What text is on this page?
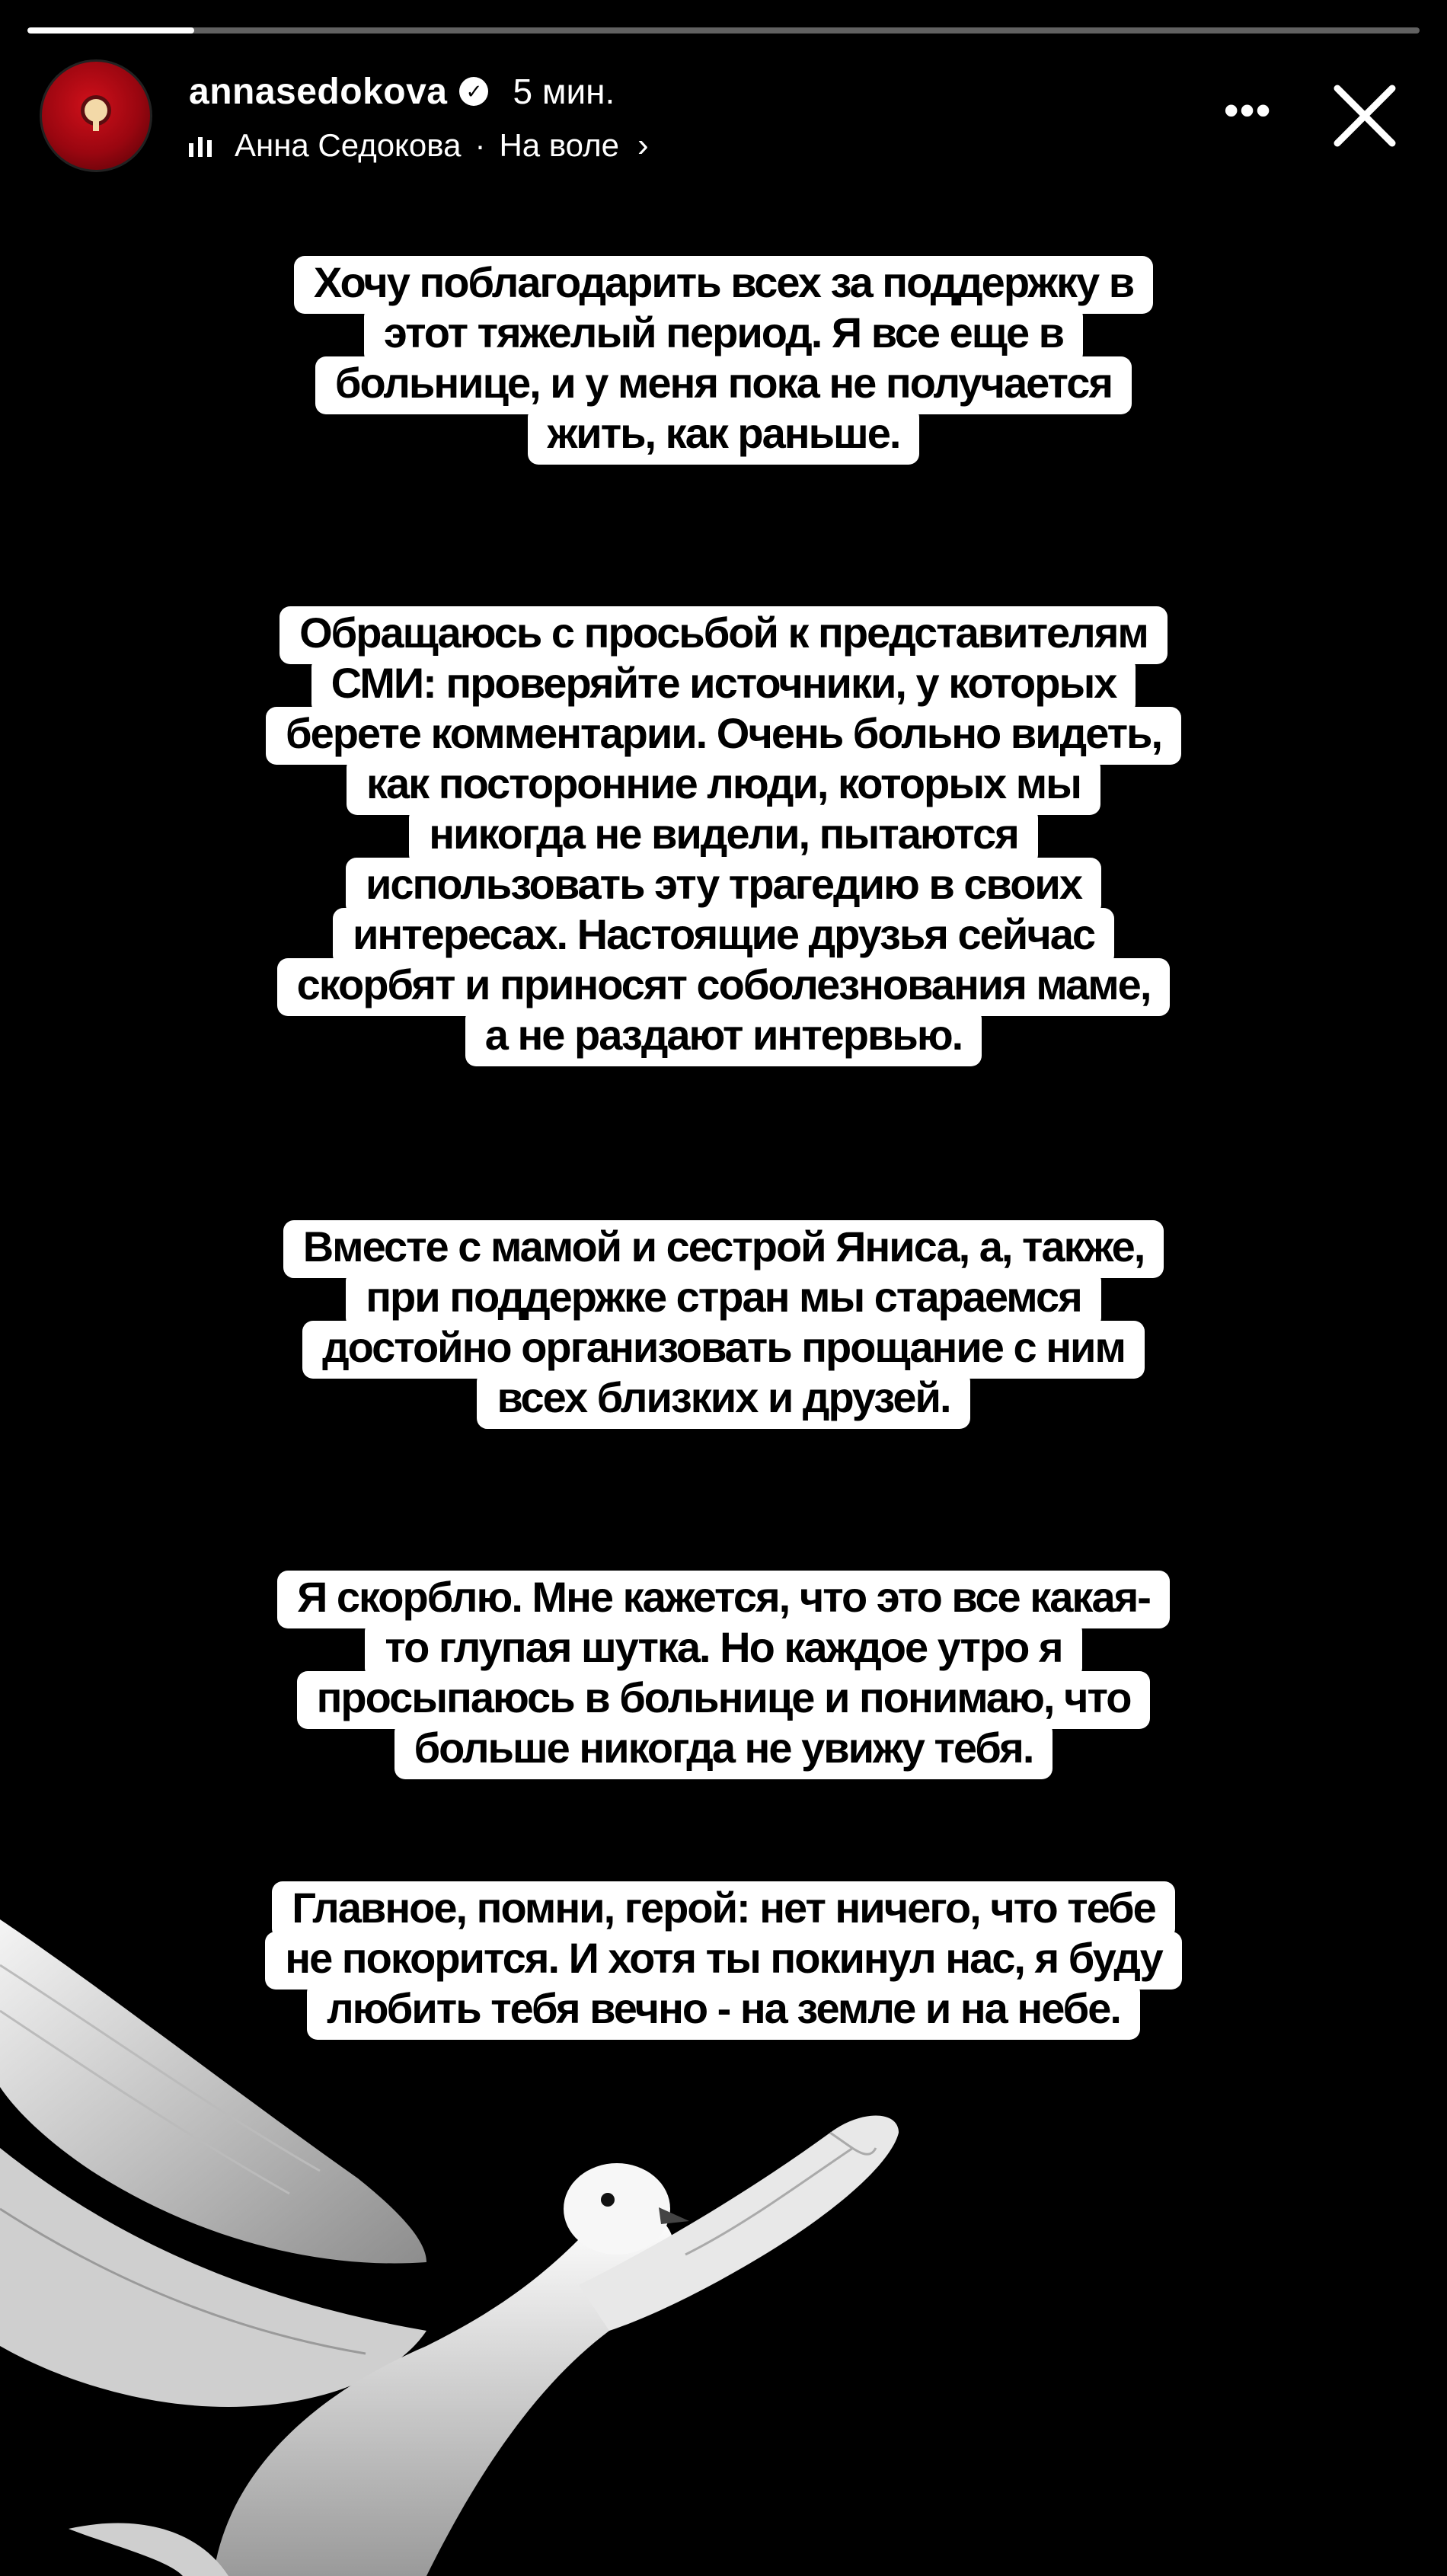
annasedokova ✓ 5 мин.
Анна Седокова · На воле ›
•••
Хочу поблагодарить всех за поддержку в
этот тяжелый период. Я все еще в
больнице, и у меня пока не получается
жить, как раньше.
Обращаюсь с просьбой к представителям
СМИ: проверяйте источники, у которых
берете комментарии. Очень больно видеть,
как посторонние люди, которых мы
никогда не видели, пытаются
использовать эту трагедию в своих
интересах. Настоящие друзья сейчас
скорбят и приносят соболезнования маме,
а не раздают интервью.
Вместе с мамой и сестрой Яниса, а, также,
при поддержке стран мы стараемся
достойно организовать прощание с ним
всех близких и друзей.
Я скорблю. Мне кажется, что это все какая-
то глупая шутка. Но каждое утро я
просыпаюсь в больнице и понимаю, что
больше никогда не увижу тебя.
Главное, помни, герой: нет ничего, что тебе
не покорится. И хотя ты покинул нас, я буду
любить тебя вечно - на земле и на небе.
